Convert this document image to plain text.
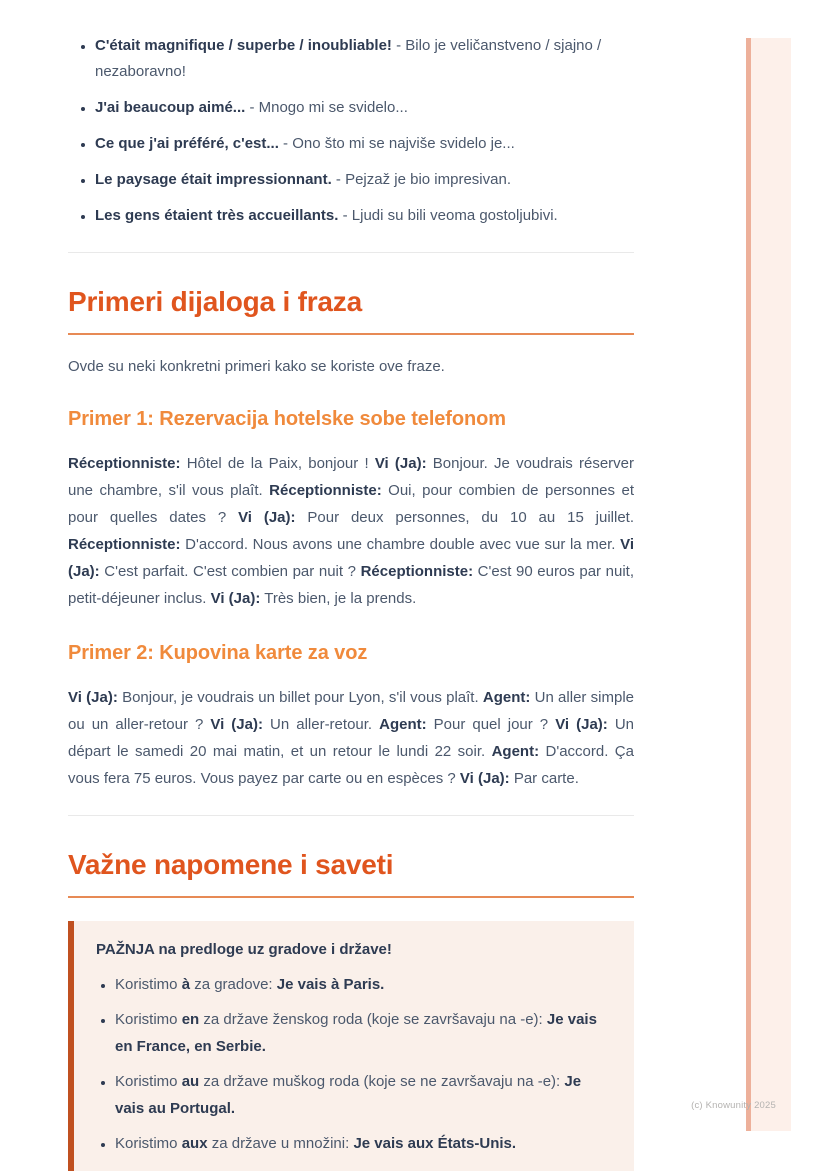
• C'était magnifique / superbe / inoubliable! - Bilo je veličanstveno / sjajno / nezaboravno!
• J'ai beaucoup aimé... - Mnogo mi se svidelo...
• Ce que j'ai préféré, c'est... - Ono što mi se najviše svidelo je...
• Le paysage était impressionnant. - Pejzaž je bio impresivan.
• Les gens étaient très accueillants. - Ljudi su bili veoma gostoljubivi.
Primeri dijaloga i fraza

Ovde su neki konkretni primeri kako se koriste ove fraze.

Primer 1: Rezervacija hotelske sobe telefonom

Réceptionniste: Hôtel de la Paix, bonjour ! Vi (Ja): Bonjour. Je voudrais réserver une chambre, s'il vous plaît. Réceptionniste: Oui, pour combien de personnes et pour quelles dates ? Vi (Ja): Pour deux personnes, du 10 au 15 juillet. Réceptionniste: D'accord. Nous avons une chambre double avec vue sur la mer. Vi (Ja): C'est parfait. C'est combien par nuit ? Réceptionniste: C'est 90 euros par nuit, petit-déjeuner inclus. Vi (Ja): Très bien, je la prends.

Primer 2: Kupovina karte za voz

Vi (Ja): Bonjour, je voudrais un billet pour Lyon, s'il vous plaît. Agent: Un aller simple ou un aller-retour ? Vi (Ja): Un aller-retour. Agent: Pour quel jour ? Vi (Ja): Un départ le samedi 20 mai matin, et un retour le lundi 22 soir. Agent: D'accord. Ça vous fera 75 euros. Vous payez par carte ou en espèces ? Vi (Ja): Par carte.

Važne napomene i saveti
PAŽNJA na predloge uz gradove i države!
• Koristimo à za gradove: Je vais à Paris.
• Koristimo en za države ženskog roda (koje se završavaju na -e): Je vais en France, en Serbie.
• Koristimo au za države muškog roda (koje se ne završavaju na -e): Je vais au Portugal.
• Koristimo aux za države u množini: Je vais aux États-Unis.
(c) Knowunity 2025
